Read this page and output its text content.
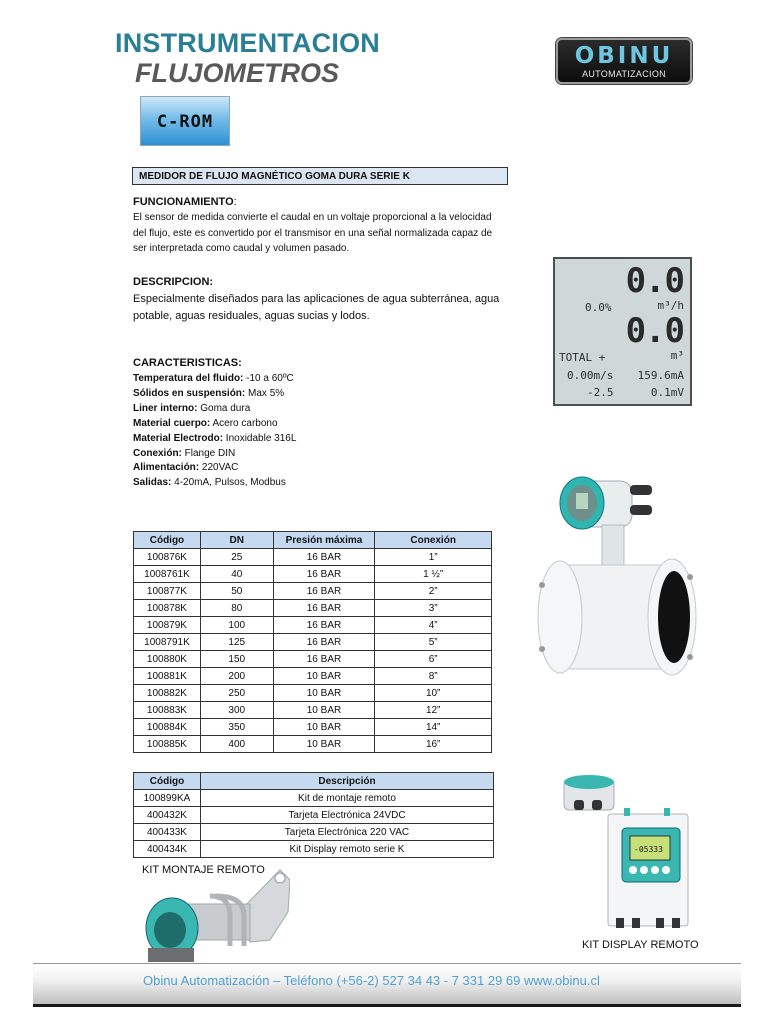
INSTRUMENTACION
FLUJOMETROS
OBINU
AUTOMATIZACION
C-ROM
MEDIDOR DE FLUJO MAGNÉTICO GOMA DURA SERIE K
FUNCIONAMIENTO:
El sensor de medida convierte el caudal en un voltaje proporcional a la velocidad
del flujo, este es convertido por el transmisor en una señal normalizada capaz de
ser interpretada como caudal y volumen pasado.
DESCRIPCION:
Especialmente diseñados para las aplicaciones de agua subterránea, agua
potable, aguas residuales, aguas sucias y lodos.
CARACTERISTICAS:
Temperatura del fluido: -10 a 60ºC
Sólidos en suspensión: Max 5%
Liner interno: Goma dura
Material cuerpo: Acero carbono
Material Electrodo: Inoxidable 316L
Conexión: Flange DIN
Alimentación: 220VAC
Salidas: 4-20mA, Pulsos, Modbus
0.0
0.0%	m³/h
0.0
TOTAL +	m³
0.00m/s 159.6mA
-2.5	0.1mV
Código	DN	Presión máxima	Conexión
100876K	25	16 BAR	1”
1008761K	40	16 BAR	1 ½”
100877K	50	16 BAR	2”
100878K	80	16 BAR	3”
100879K	100	16 BAR	4”
1008791K	125	16 BAR	5”
100880K	150	16 BAR	6”
100881K	200	10 BAR	8”
100882K	250	10 BAR	10”
100883K	300	10 BAR	12”
100884K	350	10 BAR	14”
100885K	400	10 BAR	16”
Código	Descripción
100899KA	Kit de montaje remoto
400432K	Tarjeta Electrónica 24VDC
400433K	Tarjeta Electrónica 220 VAC
400434K	Kit Display remoto serie K
KIT MONTAJE REMOTO
-05333
KIT DISPLAY REMOTO
Obinu Automatización – Teléfono (+56-2) 527 34 43 - 7 331 29 69 www.obinu.cl
